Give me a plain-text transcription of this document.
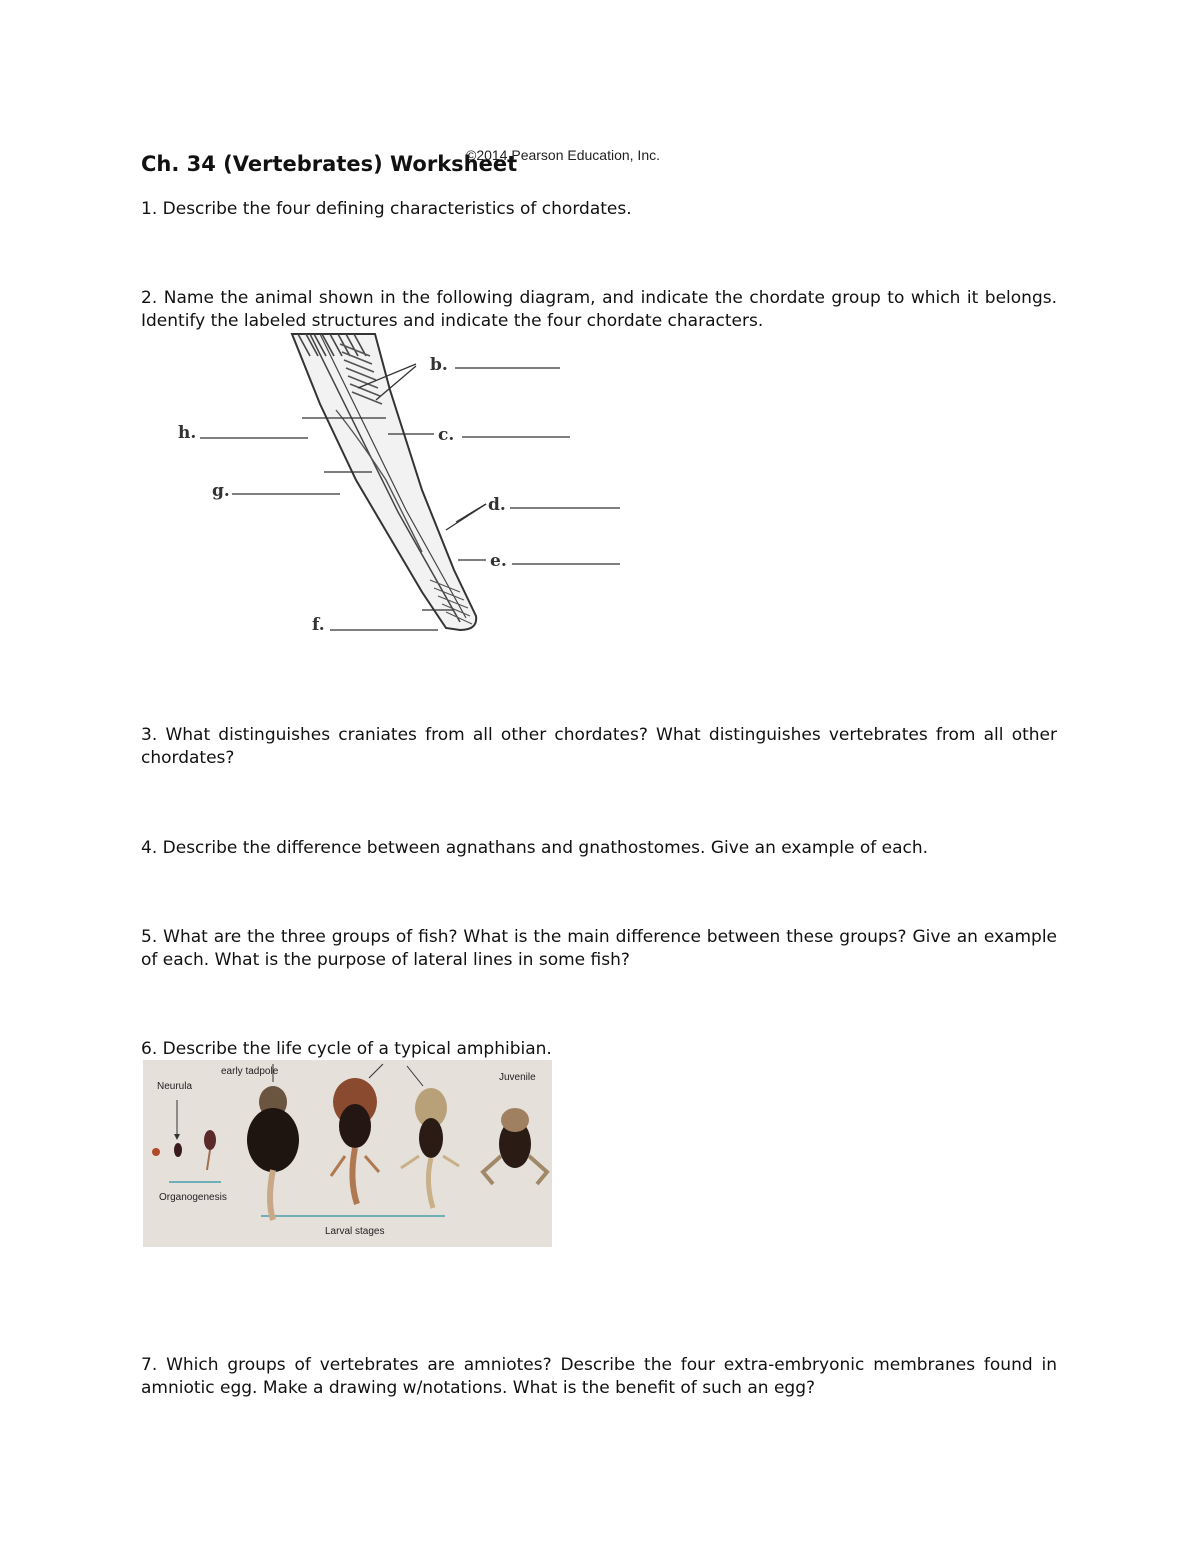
Ch. 34 (Vertebrates) Worksheet
©2014 Pearson Education, Inc.
1. Describe the four defining characteristics of chordates.
2. Name the animal shown in the following diagram, and indicate the chordate group to which it belongs. Identify the labeled structures and indicate the four chordate characters.
b.
c.
d.
e.
f.
g.
h.
3. What distinguishes craniates from all other chordates? What distinguishes vertebrates from all other chordates?
4. Describe the difference between agnathans and gnathostomes. Give an example of each.
5. What are the three groups of fish? What is the main difference between these groups? Give an example of each. What is the purpose of lateral lines in some fish?
6. Describe the life cycle of a typical amphibian.
Neurula
early tadpole
Juvenile
Organogenesis
Larval stages
7. Which groups of vertebrates are amniotes? Describe the four extra-embryonic membranes found in amniotic egg. Make a drawing w/notations. What is the benefit of such an egg?
